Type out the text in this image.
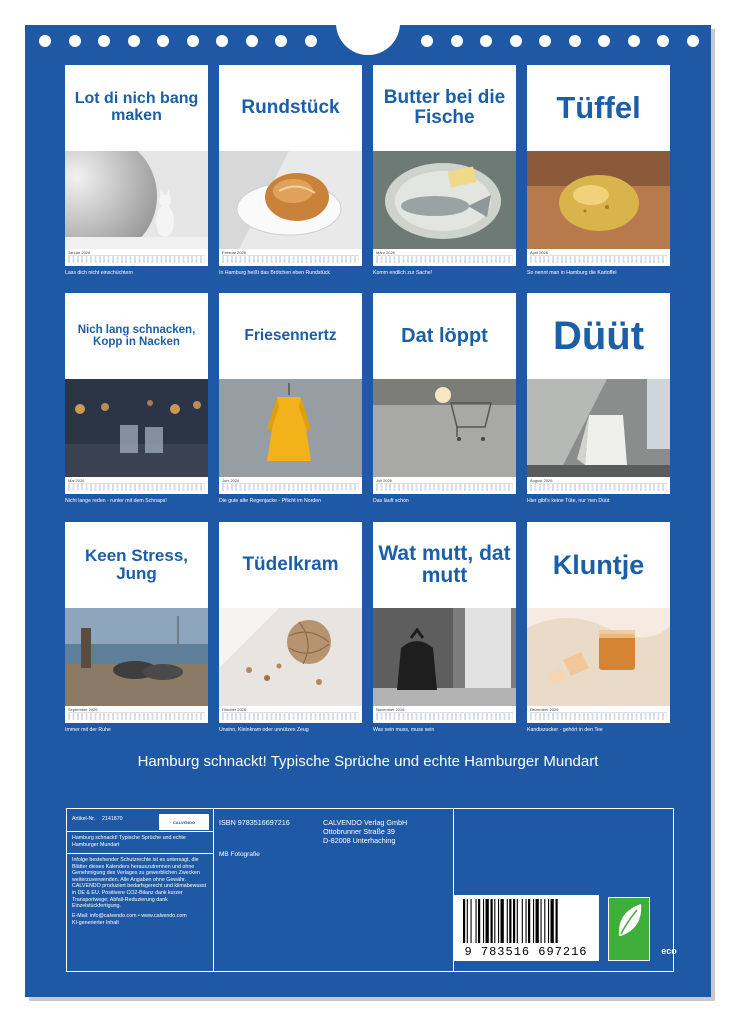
Lot di nich bang maken
Januar 2026
Rundstück
Februar 2026
Butter bei die Fische
März 2026
Tüffel
April 2026
Nich lang schnacken, Kopp in Nacken
Mai 2026
Friesennertz
Juni 2026
Dat löppt
Juli 2026
Düüt
August 2026
Keen Stress, Jung
September 2026
Tüdelkram
Oktober 2026
Wat mutt, dat mutt
November 2026
Kluntje
Dezember 2026
Lass dich nicht einschüchtern	In Hamburg heißt das Brötchen eben Rundstück	Komm endlich zur Sache!	So nennt man in Hamburg die Kartoffel
Nicht lange reden - runter mit dem Schnaps!	Die gute alte Regenjacke - Pflicht im Norden	Das läuft schon	Hier gibt's keine Tüte, nur 'nen Düüt
Immer mit der Ruhe	Unsinn, Kleinkram oder unnützes Zeug	Was sein muss, muss sein	Kandiszucker - gehört in den Tee
Hamburg schnackt! Typische Sprüche und echte Hamburger Mundart
Artikel-Nr. 2141870	CALVENDO
Hamburg schnackt! Typische Sprüche und echte Hamburger Mundart
Infolge bestehender Schutzrechte ist es untersagt, die Blätter dieses Kalenders herauszutrennen und ohne Genehmigung des Verlages zu gewerblichen Zwecken weiterzuverwenden. Alle Angaben ohne Gewähr. CALVENDO produziert bedarfsgerecht und klimabewusst in DE & EU. Positivere CO2-Bilanz dank kurzer Transportwege; Abfall-Reduzierung dank Einzelstückfertigung.
E-Mail: info@calvendo.com • www.calvendo.com
KI-generierter Inhalt
ISBN 9783516697216
MB Fotografie
CALVENDO Verlag GmbH
Ottobrunner Straße 39
D-82008 Unterhaching
9 783516 697216	eco
